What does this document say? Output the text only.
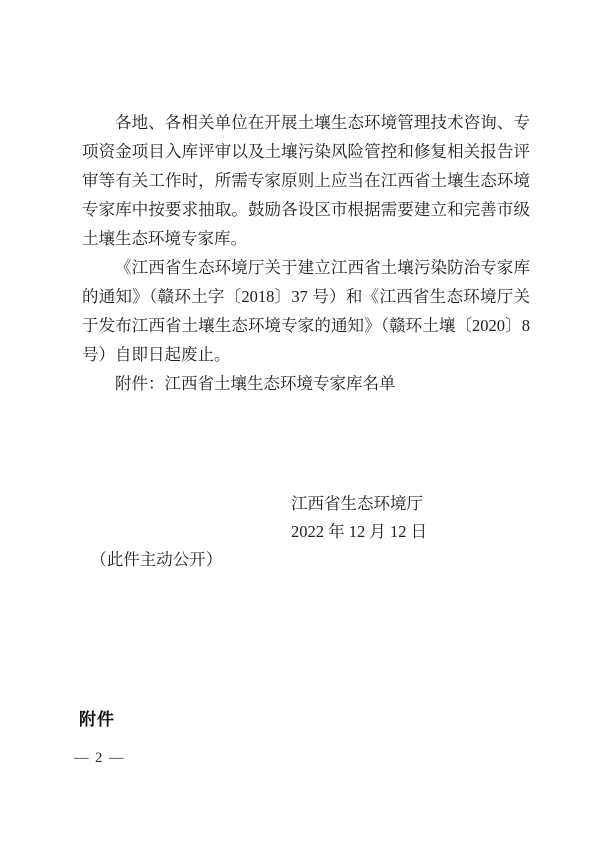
各地、各相关单位在开展土壤生态环境管理技术咨询、专项资金项目入库评审以及土壤污染风险管控和修复相关报告评审等有关工作时，所需专家原则上应当在江西省土壤生态环境专家库中按要求抽取。鼓励各设区市根据需要建立和完善市级土壤生态环境专家库。

《江西省生态环境厅关于建立江西省土壤污染防治专家库的通知》（赣环土字〔2018〕37 号）和《江西省生态环境厅关于发布江西省土壤生态环境专家的通知》（赣环土壤〔2020〕8 号）自即日起废止。

附件：江西省土壤生态环境专家库名单

江西省生态环境厅
2022 年 12 月 12 日
（此件主动公开）
附件
— 2 —
